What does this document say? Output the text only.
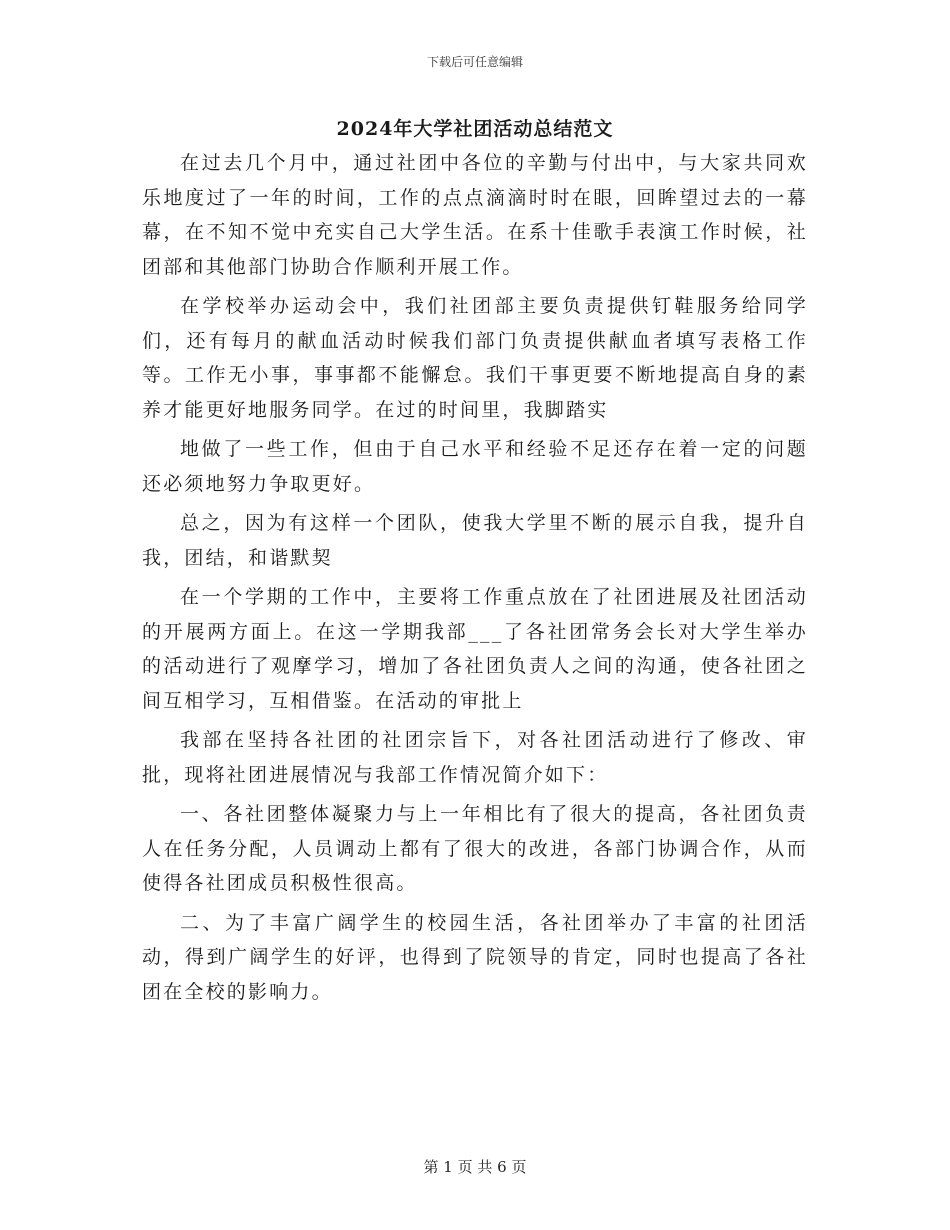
下载后可任意编辑
2024年大学社团活动总结范文

在过去几个月中，通过社团中各位的辛勤与付出中，与大家共同欢乐地度过了一年的时间，工作的点点滴滴时时在眼，回眸望过去的一幕幕，在不知不觉中充实自己大学生活。在系十佳歌手表演工作时候，社团部和其他部门协助合作顺利开展工作。

在学校举办运动会中，我们社团部主要负责提供钉鞋服务给同学们，还有每月的献血活动时候我们部门负责提供献血者填写表格工作等。工作无小事，事事都不能懈怠。我们干事更要不断地提高自身的素养才能更好地服务同学。在过的时间里，我脚踏实

地做了一些工作，但由于自己水平和经验不足还存在着一定的问题还必须地努力争取更好。

总之，因为有这样一个团队，使我大学里不断的展示自我，提升自我，团结，和谐默契

在一个学期的工作中，主要将工作重点放在了社团进展及社团活动的开展两方面上。在这一学期我部___了各社团常务会长对大学生举办的活动进行了观摩学习，增加了各社团负责人之间的沟通，使各社团之间互相学习，互相借鉴。在活动的审批上

我部在坚持各社团的社团宗旨下，对各社团活动进行了修改、审批，现将社团进展情况与我部工作情况简介如下：

一、各社团整体凝聚力与上一年相比有了很大的提高，各社团负责人在任务分配，人员调动上都有了很大的改进，各部门协调合作，从而使得各社团成员积极性很高。

二、为了丰富广阔学生的校园生活，各社团举办了丰富的社团活动，得到广阔学生的好评，也得到了院领导的肯定，同时也提高了各社团在全校的影响力。

第 1 页 共 6 页
